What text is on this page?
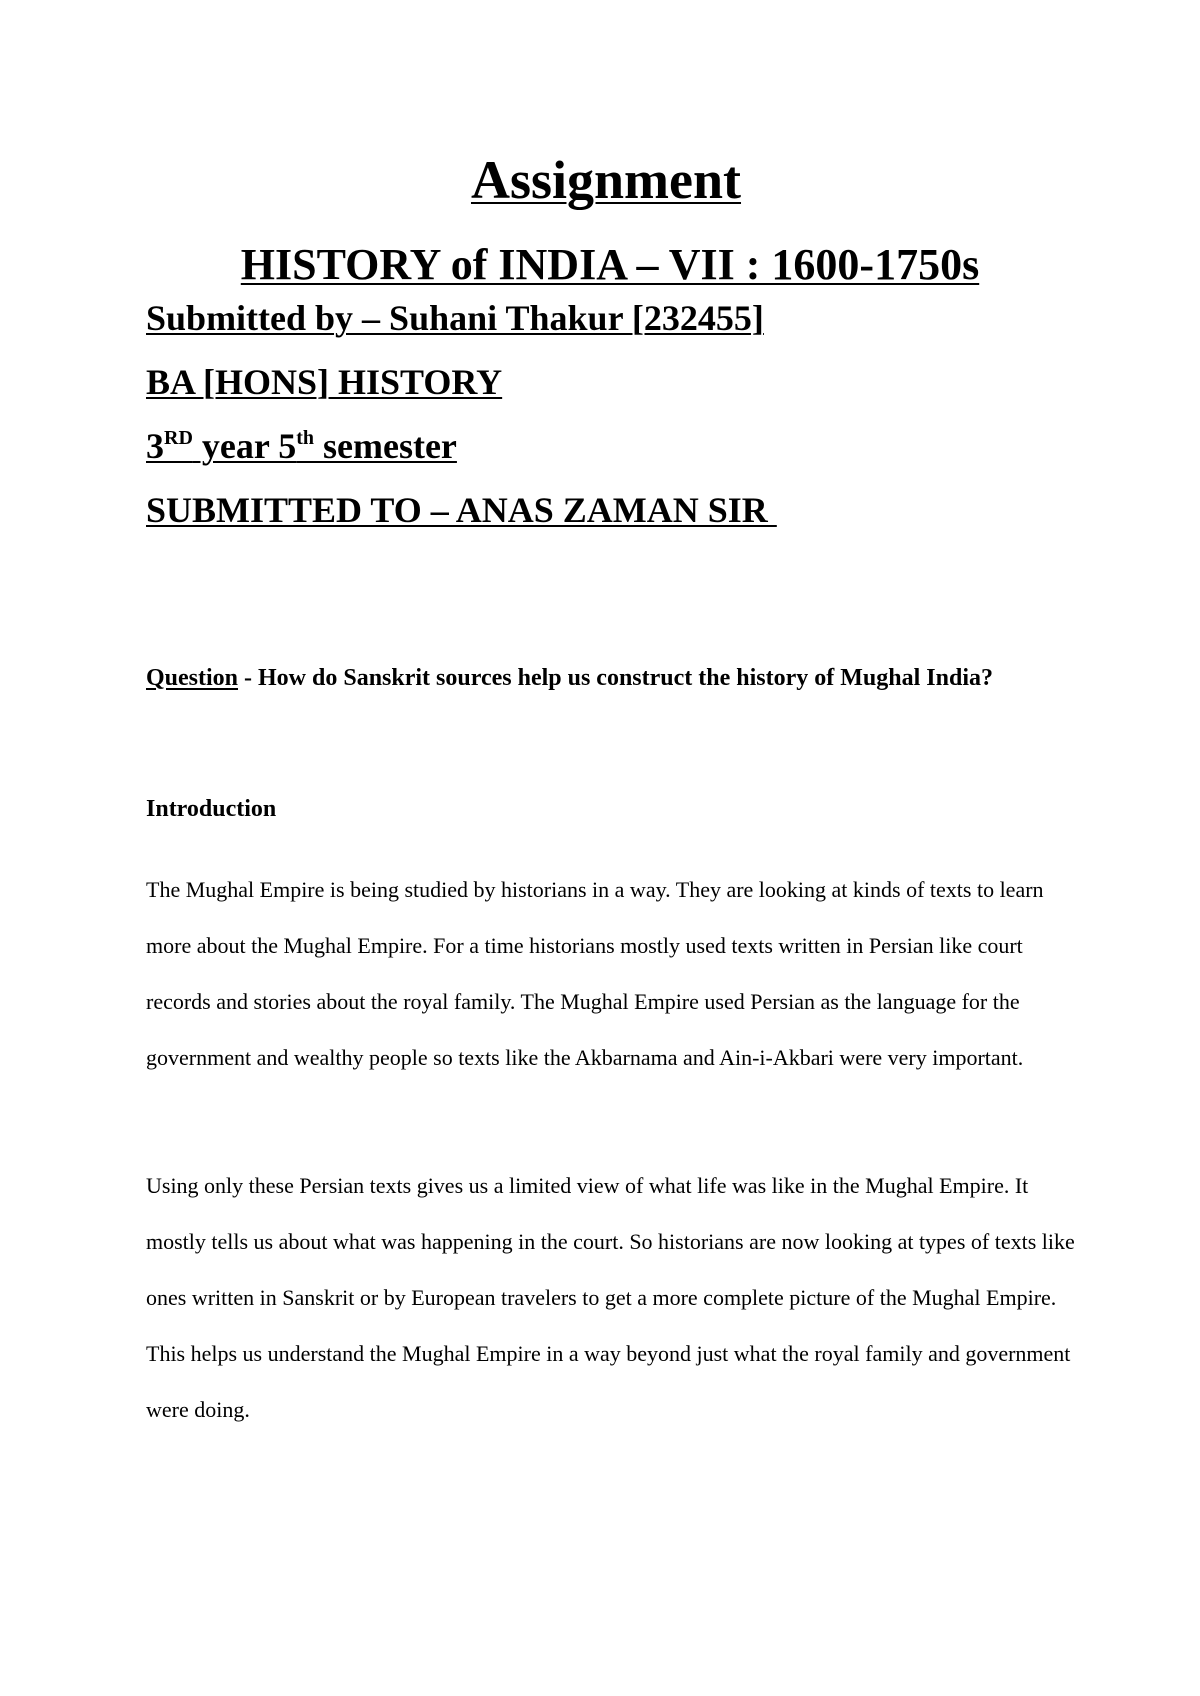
Assignment
HISTORY of INDIA – VII : 1600-1750s
Submitted by – Suhani Thakur [232455]
BA [HONS] HISTORY
3RD year 5th semester
SUBMITTED TO – ANAS ZAMAN SIR
Question - How do Sanskrit sources help us construct the history of Mughal India?
Introduction

The Mughal Empire is being studied by historians in a way. They are looking at kinds of texts to learn more about the Mughal Empire. For a time historians mostly used texts written in Persian like court records and stories about the royal family. The Mughal Empire used Persian as the language for the government and wealthy people so texts like the Akbarnama and Ain-i-Akbari were very important.

Using only these Persian texts gives us a limited view of what life was like in the Mughal Empire. It mostly tells us about what was happening in the court. So historians are now looking at types of texts like ones written in Sanskrit or by European travelers to get a more complete picture of the Mughal Empire. This helps us understand the Mughal Empire in a way beyond just what the royal family and government were doing.
